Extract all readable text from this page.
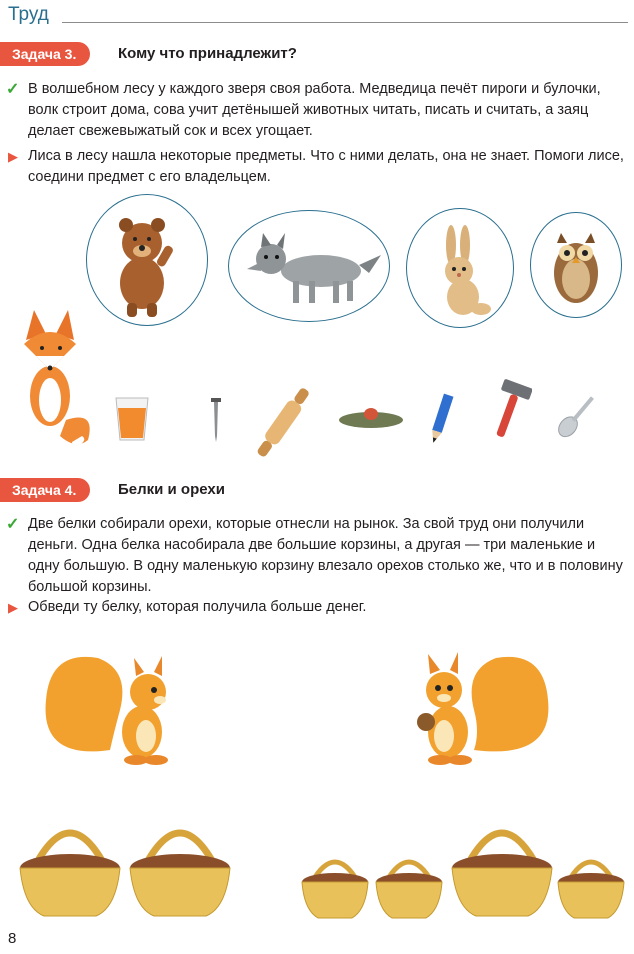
Труд
Задача 3.	Кому что принадлежит?
✓ В волшебном лесу у каждого зверя своя работа. Медведица печёт пироги и булочки, волк строит дома, сова учит детёнышей животных читать, писать и считать, а заяц делает свежевыжатый сок и всех угощает.
▶ Лиса в лесу нашла некоторые предметы. Что с ними делать, она не знает. Помоги лисе, соедини предмет с его владельцем.
Задача 4.	Белки и орехи
✓ Две белки собирали орехи, которые отнесли на рынок. За свой труд они получили деньги. Одна белка насобирала две большие корзины, а другая — три маленькие и одну большую. В одну маленькую корзину влезало орехов столько же, что и в половину большой корзины.
▶ Обведи ту белку, которая получила больше денег.
8
